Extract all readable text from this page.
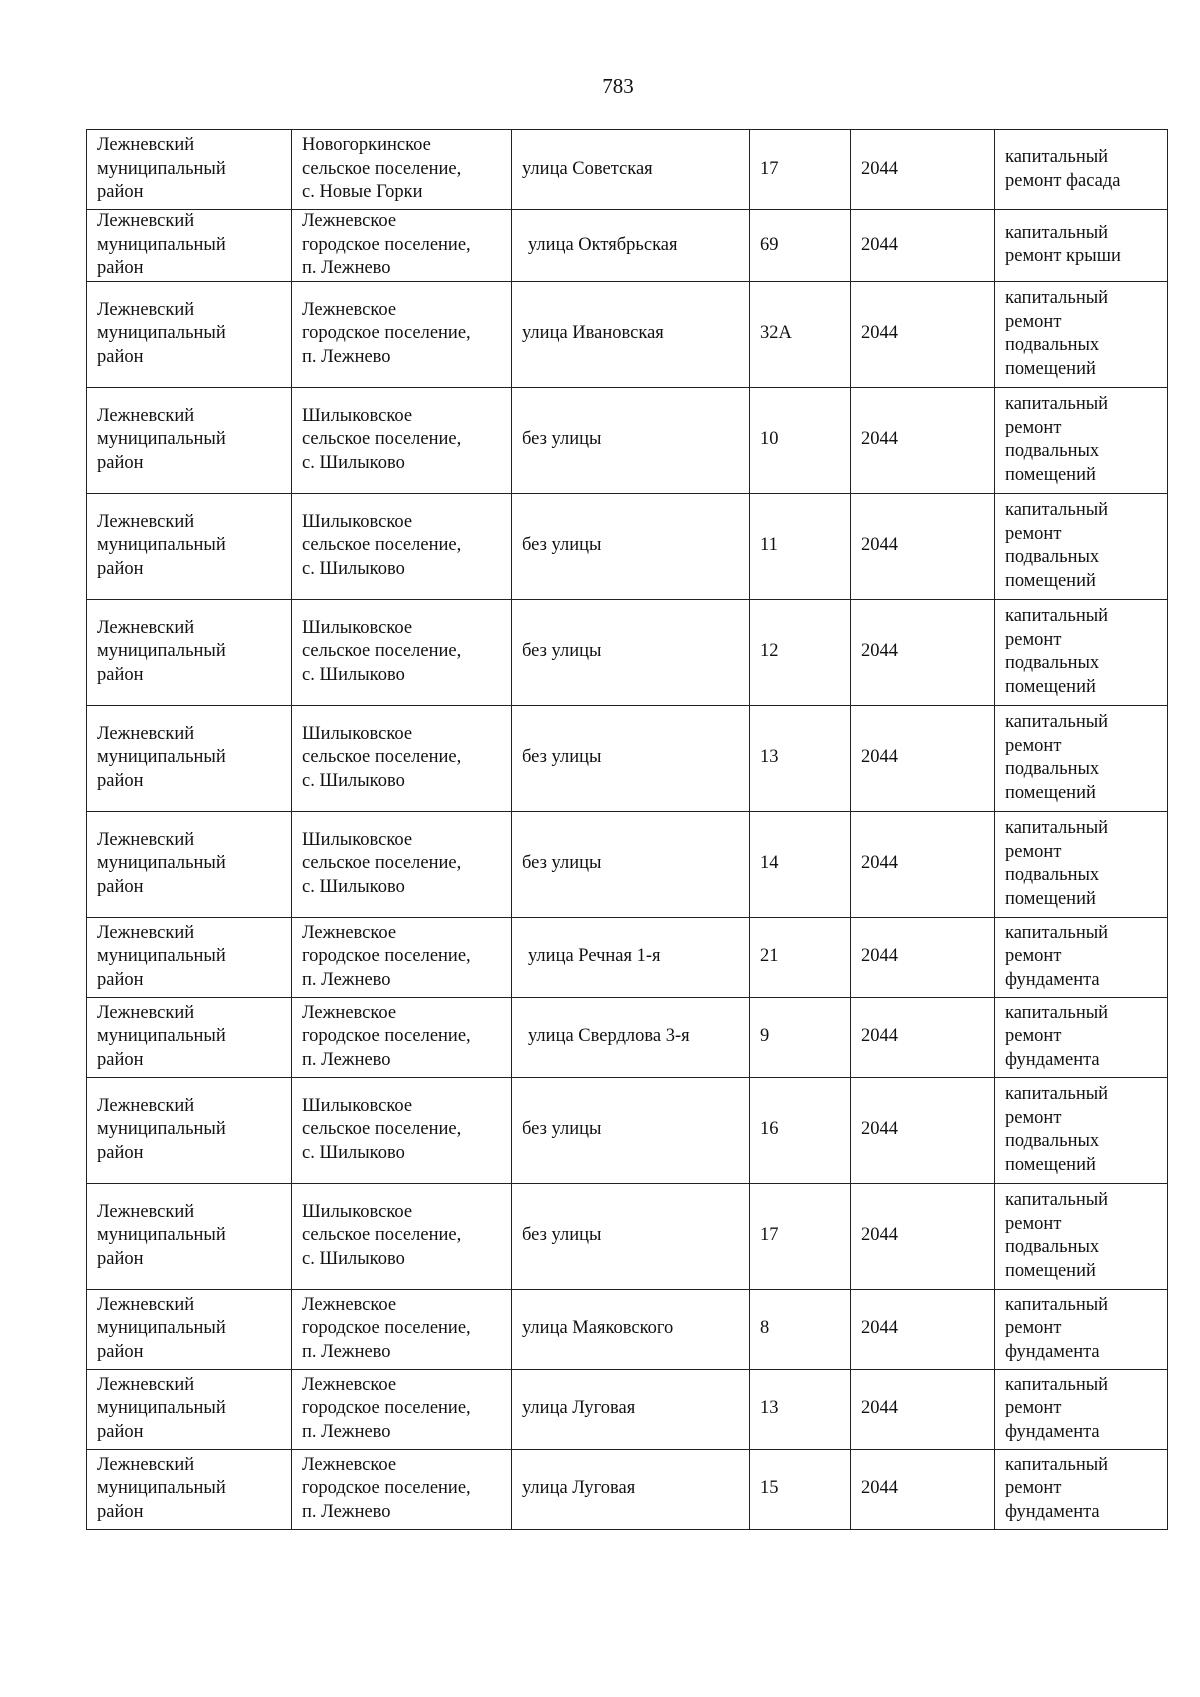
783
Лежневский
муниципальный
район	Новогоркинское
сельское поселение,
с. Новые Горки	улица Советская	17	2044	капитальный
ремонт фасада
Лежневский
муниципальный
район	Лежневское
городское поселение,
п. Лежнево	улица Октябрьская	69	2044	капитальный
ремонт крыши
Лежневский
муниципальный
район	Лежневское
городское поселение,
п. Лежнево	улица Ивановская	32А	2044	капитальный
ремонт
подвальных
помещений
Лежневский
муниципальный
район	Шилыковское
сельское поселение,
с. Шилыково	без улицы	10	2044	капитальный
ремонт
подвальных
помещений
Лежневский
муниципальный
район	Шилыковское
сельское поселение,
с. Шилыково	без улицы	11	2044	капитальный
ремонт
подвальных
помещений
Лежневский
муниципальный
район	Шилыковское
сельское поселение,
с. Шилыково	без улицы	12	2044	капитальный
ремонт
подвальных
помещений
Лежневский
муниципальный
район	Шилыковское
сельское поселение,
с. Шилыково	без улицы	13	2044	капитальный
ремонт
подвальных
помещений
Лежневский
муниципальный
район	Шилыковское
сельское поселение,
с. Шилыково	без улицы	14	2044	капитальный
ремонт
подвальных
помещений
Лежневский
муниципальный
район	Лежневское
городское поселение,
п. Лежнево	улица Речная 1-я	21	2044	капитальный
ремонт
фундамента
Лежневский
муниципальный
район	Лежневское
городское поселение,
п. Лежнево	улица Свердлова 3-я	9	2044	капитальный
ремонт
фундамента
Лежневский
муниципальный
район	Шилыковское
сельское поселение,
с. Шилыково	без улицы	16	2044	капитальный
ремонт
подвальных
помещений
Лежневский
муниципальный
район	Шилыковское
сельское поселение,
с. Шилыково	без улицы	17	2044	капитальный
ремонт
подвальных
помещений
Лежневский
муниципальный
район	Лежневское
городское поселение,
п. Лежнево	улица Маяковского	8	2044	капитальный
ремонт
фундамента
Лежневский
муниципальный
район	Лежневское
городское поселение,
п. Лежнево	улица Луговая	13	2044	капитальный
ремонт
фундамента
Лежневский
муниципальный
район	Лежневское
городское поселение,
п. Лежнево	улица Луговая	15	2044	капитальный
ремонт
фундамента
